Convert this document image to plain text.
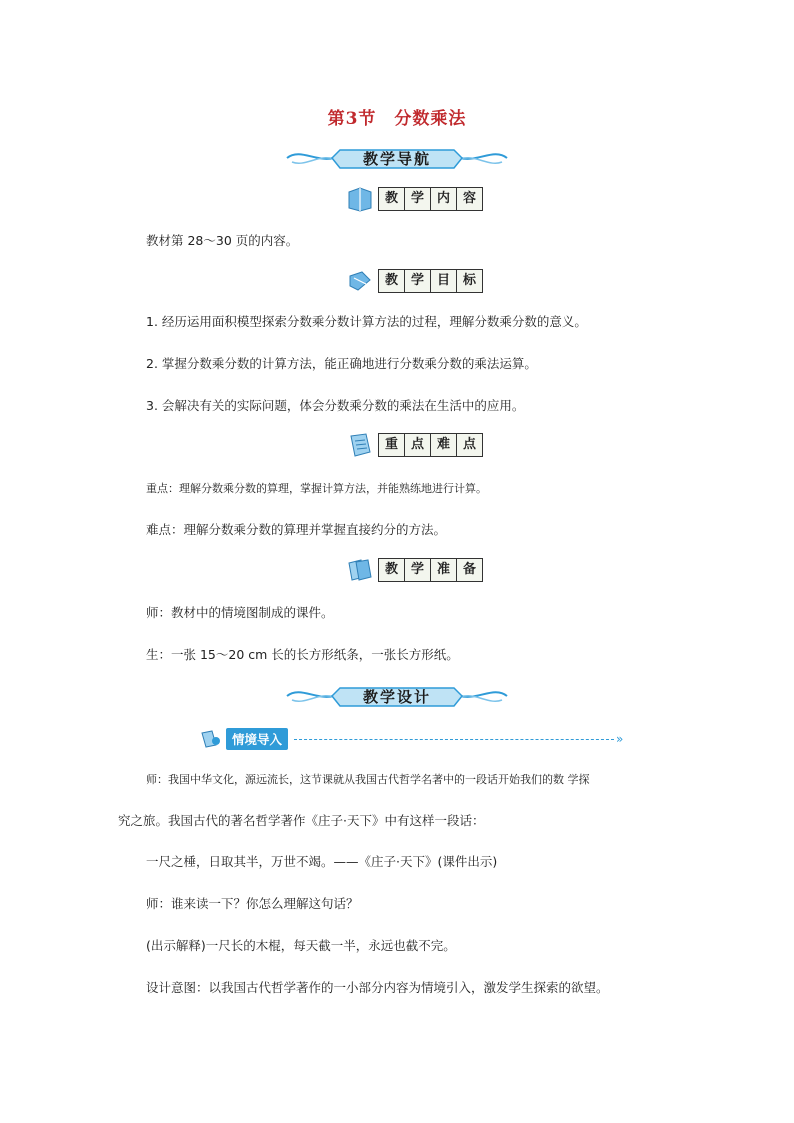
第3节 分数乘法
教学导航
教 学 内 容
教材第 28～30 页的内容。
教 学 目 标
1. 经历运用面积模型探索分数乘分数计算方法的过程，理解分数乘分数的意义。
2. 掌握分数乘分数的计算方法，能正确地进行分数乘分数的乘法运算。
3. 会解决有关的实际问题，体会分数乘分数的乘法在生活中的应用。
重 点 难 点
重点：理解分数乘分数的算理，掌握计算方法，并能熟练地进行计算。
难点：理解分数乘分数的算理并掌握直接约分的方法。
教 学 准 备
师：教材中的情境图制成的课件。
生：一张 15～20 cm 长的长方形纸条，一张长方形纸。
教学设计
情境导入	»
师：我国中华文化，源远流长，这节课就从我国古代哲学名著中的一段话开始我们的数 学探
究之旅。我国古代的著名哲学著作《庄子·天下》中有这样一段话：
一尺之棰，日取其半，万世不竭。——《庄子·天下》(课件出示)
师：谁来读一下？你怎么理解这句话？
(出示解释)一尺长的木棍，每天截一半，永远也截不完。
设计意图：以我国古代哲学著作的一小部分内容为情境引入，激发学生探索的欲望。
